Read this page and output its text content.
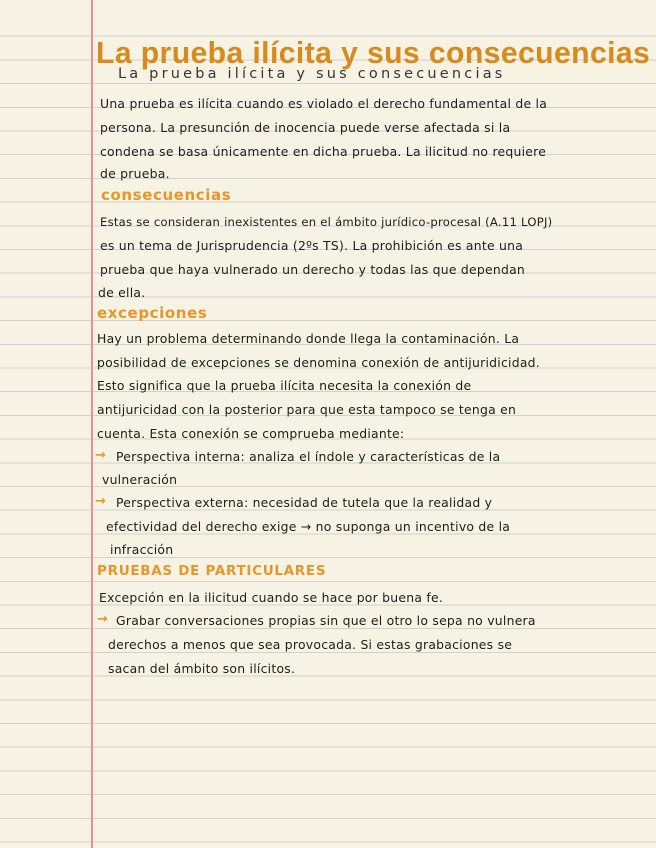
La prueba ilícita y sus consecuencias
La prueba ilícita y sus consecuencias
Una prueba es ilícita cuando es violado el derecho fundamental de la
persona. La presunción de inocencia puede verse afectada si la
condena se basa únicamente en dicha prueba. La ilicitud no requiere
de prueba.
consecuencias
Estas se consideran inexistentes en el ámbito jurídico-procesal (A.11 LOPJ)
es un tema de Jurisprudencia (2ºs TS). La prohibición es ante una
prueba que haya vulnerado un derecho y todas las que dependan
de ella.
excepciones
Hay un problema determinando donde llega la contaminación. La
posibilidad de excepciones se denomina conexión de antijuridicidad.
Esto significa que la prueba ilícita necesita la conexión de
antijuricidad con la posterior para que esta tampoco se tenga en
cuenta. Esta conexión se comprueba mediante:
→ Perspectiva interna: analiza el índole y características de la
vulneración
→ Perspectiva externa: necesidad de tutela que la realidad y
efectividad del derecho exige → no suponga un incentivo de la
infracción
PRUEBAS DE PARTICULARES
Excepción en la ilicitud cuando se hace por buena fe.
→ Grabar conversaciones propias sin que el otro lo sepa no vulnera
derechos a menos que sea provocada. Si estas grabaciones se
sacan del ámbito son ilícitos.
